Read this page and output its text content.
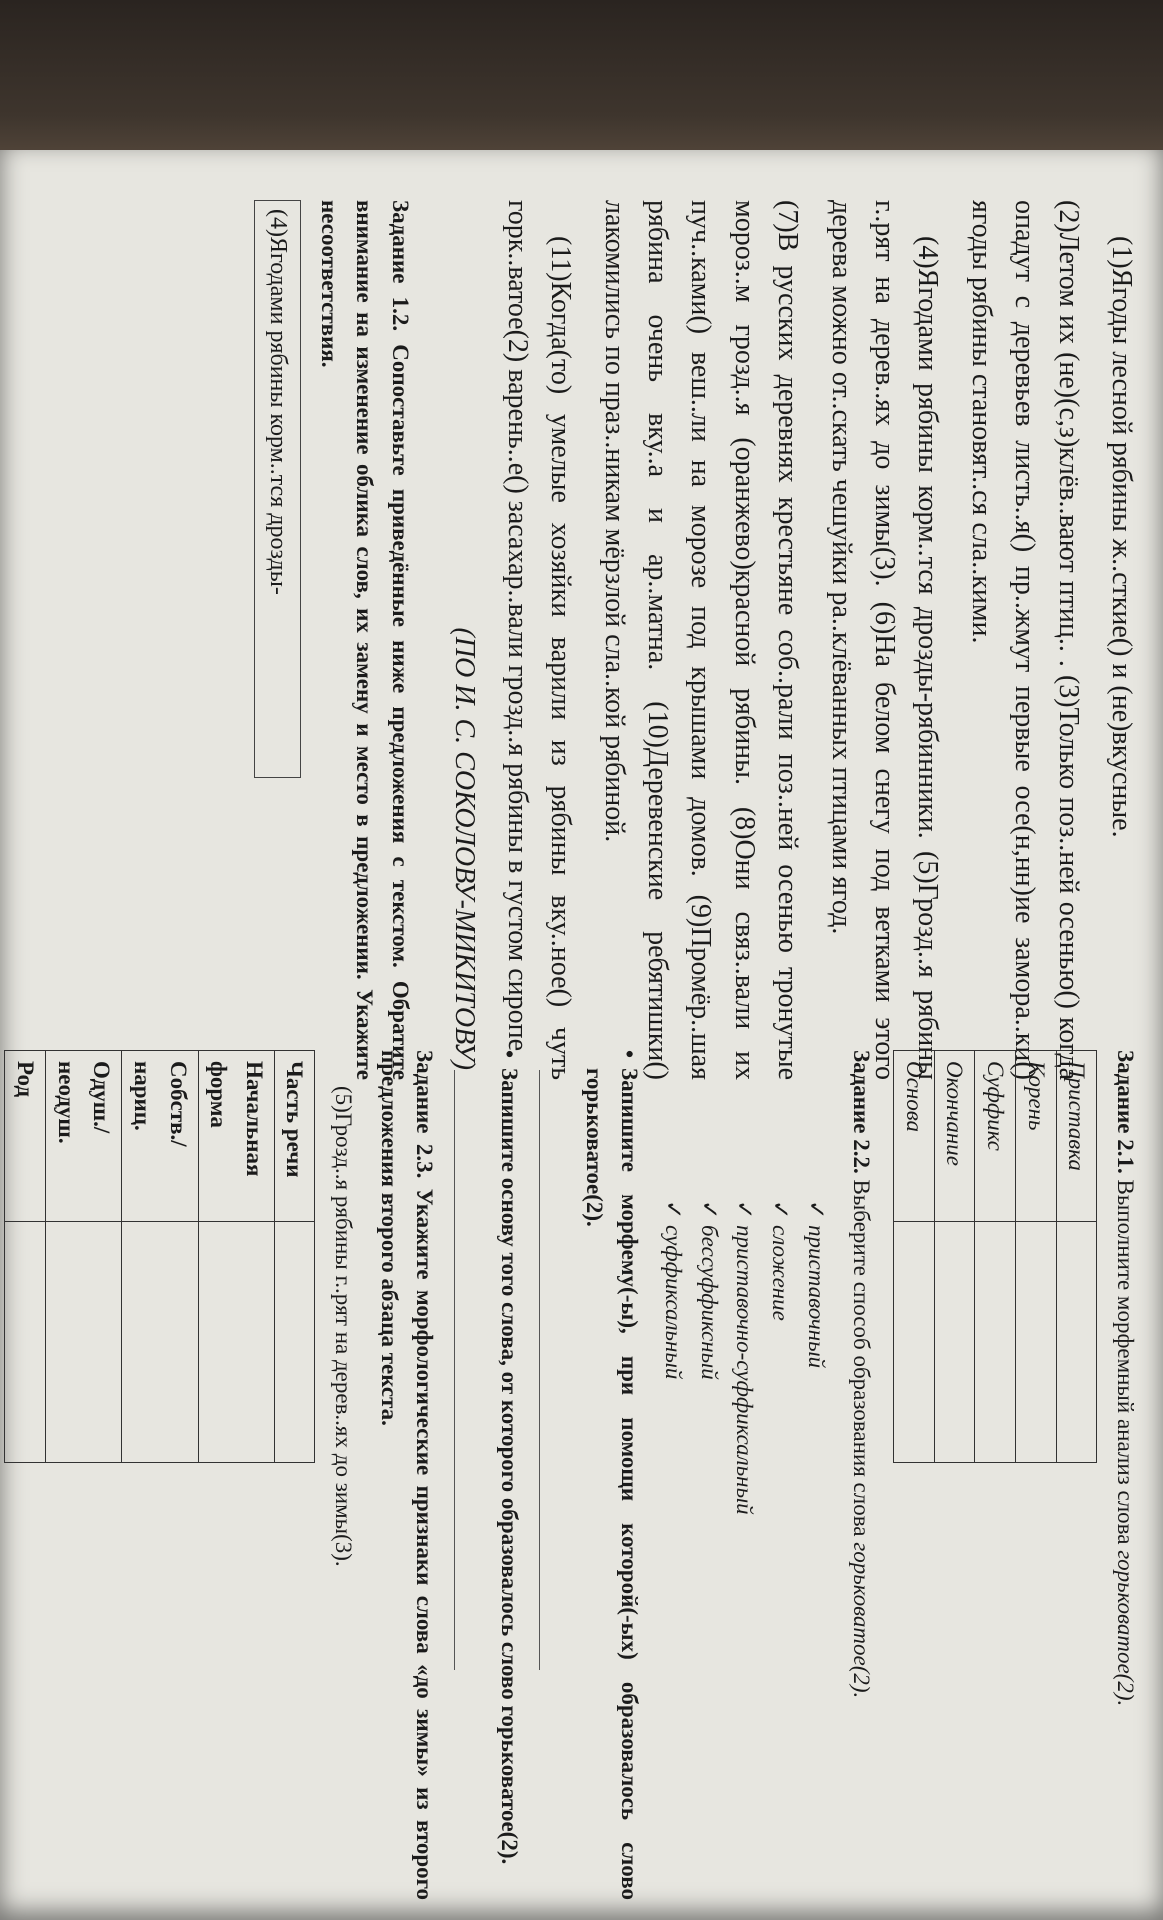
(1)Ягоды лесной рябины ж..сткие() и (не)вкусные.

(2)Летом их (не)(с,з)клёв..вают птиц.. . (3)Только поз..ней осенью() когда опадут с деревьев листь..я() пр..жмут первые осе(н,нн)ие замора..ки() ягоды рябины становят..ся сла..кими.

(4)Ягодами рябины корм..тся дрозды-рябинники. (5)Грозд..я рябины г..рят на дерев..ях до зимы(3). (6)На белом снегу под ветками этого дерева можно от..скать чешуйки ра..клёванных птицами ягод.

(7)В русских деревнях крестьяне соб..рали поз..ней осенью тронутые мороз..м грозд..я (оранжево)красной рябины. (8)Они связ..вали их пуч..ками() веш..ли на морозе под крышами домов. (9)Промёр..шая рябина очень вку..а и ар..матна. (10)Деревенские ребятишки() лакомились по праз..никам мёрзлой сла..кой рябиной.

(11)Когда(то) умелые хозяйки варили из рябины вку..ное() чуть горк..ватое(2) варень..е() засахар..вали грозд..я рябины в густом сиропе.

(ПО И. С. СОКОЛОВУ-МИКИТОВУ)

Задание 1.2. Сопоставьте приведённые ниже предложения с текстом. Обратите внимание на изменение облика слов, их замену и место в предложении. Укажите несоответствия.

(4)Ягодами рябины корм..тся дрозды-

Задание 2.1. Выполните морфемный анализ слова горьковатое(2).

Приставка	
Корень	
Суффикс	
Окончание	
Основа	

Задание 2.2. Выберите способ образования слова горьковатое(2).

✓ приставочный
✓ сложение
✓ приставочно-суффиксальный
✓ бессуффиксный
✓ суффиксальный

• Запишите морфему(-ы), при помощи которой(-ых) образовалось слово горьковатое(2).

• Запишите основу того слова, от которого образовалось слово горьковатое(2).

Задание 2.3. Укажите морфологические признаки слова «до зимы» из второго предложения второго абзаца текста.

(5)Грозд..я рябины г..рят на дерев..ях до зимы(3).

Часть речи	
Начальная форма	
Собств./нариц.	
Одуш./неодуш.	
Род	
